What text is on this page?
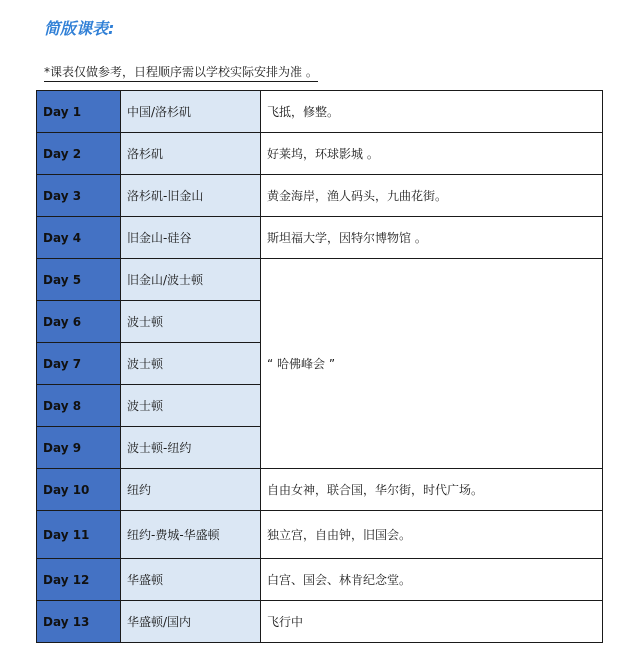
简版课表:
*课表仅做参考，日程顺序需以学校实际安排为准 。
Day 1	中国/洛杉矶	飞抵，修整。
Day 2	洛杉矶	好莱坞，环球影城 。
Day 3	洛杉矶-旧金山	黄金海岸，渔人码头，九曲花街。
Day 4	旧金山-硅谷	斯坦福大学，因特尔博物馆 。
Day 5	旧金山/波士顿	“ 哈佛峰会 ”
Day 6	波士顿	
Day 7	波士顿	
Day 8	波士顿	
Day 9	波士顿-纽约	
Day 10	纽约	自由女神，联合国，华尔街，时代广场。
Day 11	纽约-费城-华盛顿	独立宫，自由钟，旧国会。
Day 12	华盛顿	白宫、国会、林肯纪念堂。
Day 13	华盛顿/国内	飞行中
